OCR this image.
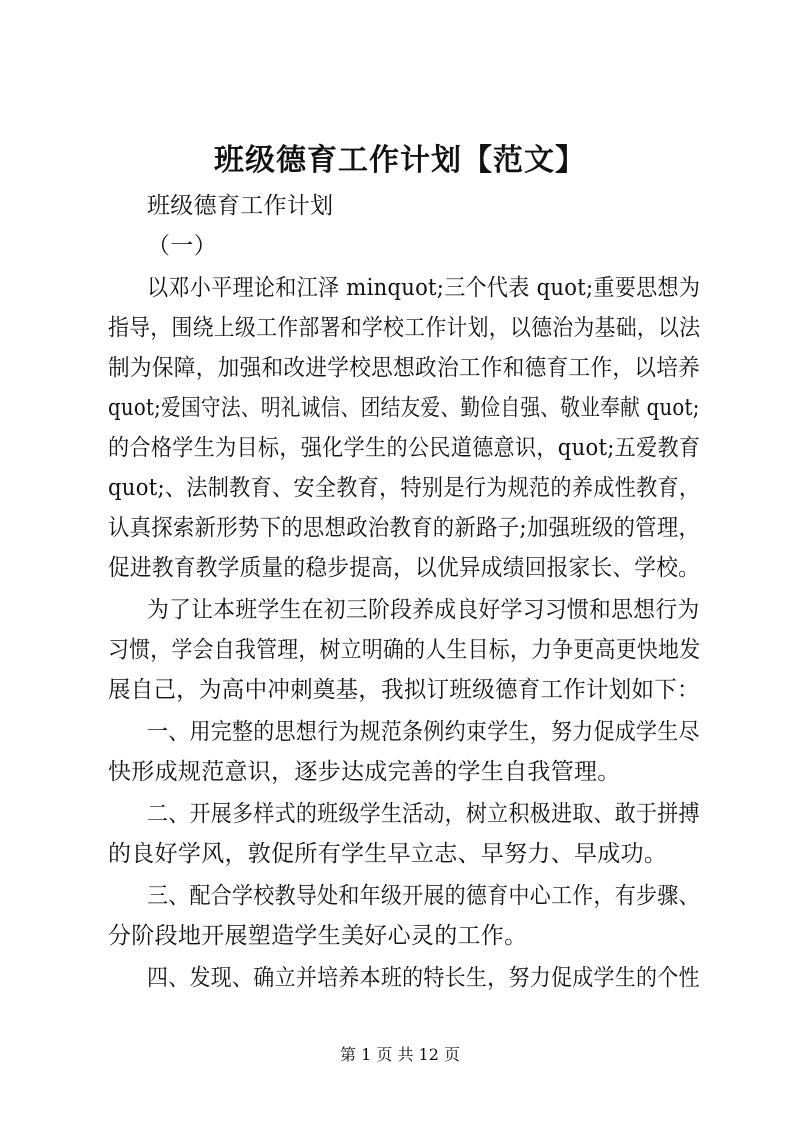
班级德育工作计划【范文】
班级德育工作计划
（一）
以邓小平理论和江泽 minquot;三个代表 quot;重要思想为
指导，围绕上级工作部署和学校工作计划，以德治为基础，以法
制为保障，加强和改进学校思想政治工作和德育工作，以培养
quot;爱国守法、明礼诚信、团结友爱、勤俭自强、敬业奉献 quot;
的合格学生为目标，强化学生的公民道德意识，quot;五爱教育
quot;、法制教育、安全教育，特别是行为规范的养成性教育，
认真探索新形势下的思想政治教育的新路子;加强班级的管理，
促进教育教学质量的稳步提高，以优异成绩回报家长、学校。
为了让本班学生在初三阶段养成良好学习习惯和思想行为
习惯，学会自我管理，树立明确的人生目标，力争更高更快地发
展自己，为高中冲刺奠基，我拟订班级德育工作计划如下：
一、用完整的思想行为规范条例约束学生，努力促成学生尽
快形成规范意识，逐步达成完善的学生自我管理。
二、开展多样式的班级学生活动，树立积极进取、敢于拼搏
的良好学风，敦促所有学生早立志、早努力、早成功。
三、配合学校教导处和年级开展的德育中心工作，有步骤、
分阶段地开展塑造学生美好心灵的工作。
四、发现、确立并培养本班的特长生，努力促成学生的个性
第 1 页 共 12 页
